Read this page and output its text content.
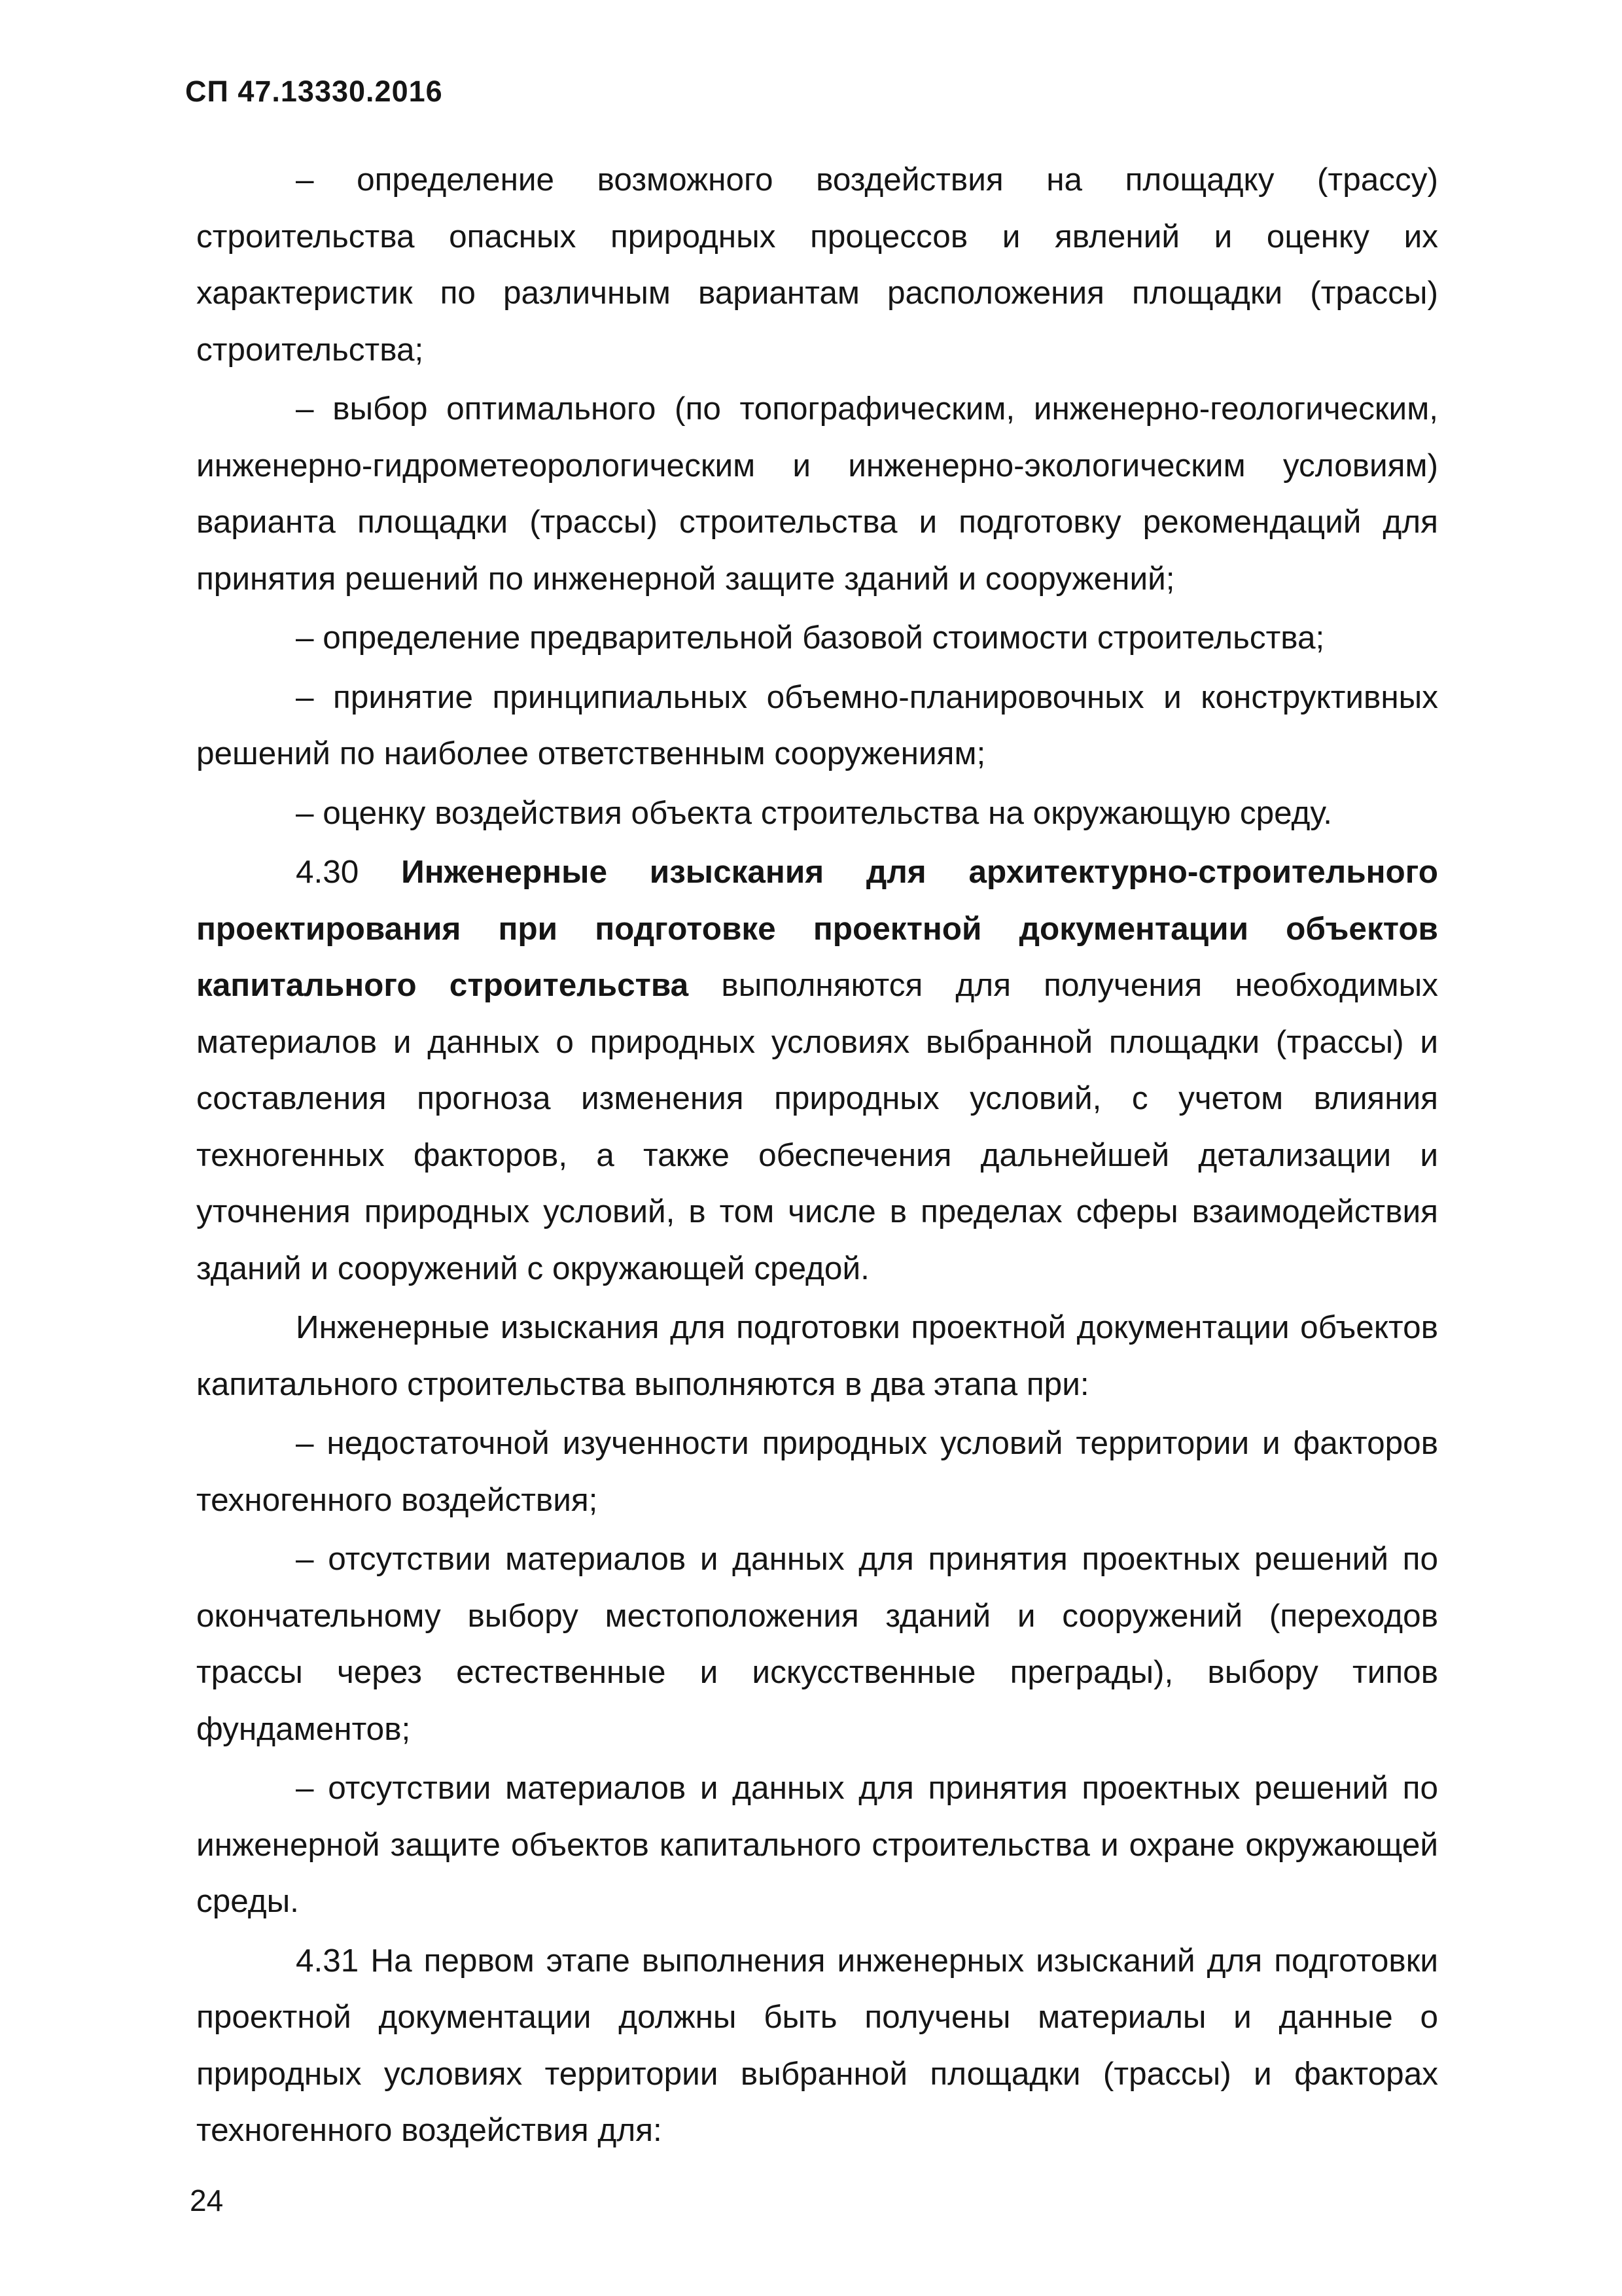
СП 47.13330.2016

– определение возможного воздействия на площадку (трассу) строительства опасных природных процессов и явлений и оценку их характеристик по различным вариантам расположения площадки (трассы) строительства;

– выбор оптимального (по топографическим, инженерно-геологическим, инженерно-гидрометеорологическим и инженерно-экологическим условиям) варианта площадки (трассы) строительства и подготовку рекомендаций для принятия решений по инженерной защите зданий и сооружений;

– определение предварительной базовой стоимости строительства;

– принятие принципиальных объемно-планировочных и конструктивных решений по наиболее ответственным сооружениям;

– оценку воздействия объекта строительства на окружающую среду.

4.30 Инженерные изыскания для архитектурно-строительного проектирования при подготовке проектной документации объектов капитального строительства выполняются для получения необходимых материалов и данных о природных условиях выбранной площадки (трассы) и составления прогноза изменения природных условий, с учетом влияния техногенных факторов, а также обеспечения дальнейшей детализации и уточнения природных условий, в том числе в пределах сферы взаимодействия зданий и сооружений с окружающей средой.

Инженерные изыскания для подготовки проектной документации объектов капитального строительства выполняются в два этапа при:

– недостаточной изученности природных условий территории и факторов техногенного воздействия;

– отсутствии материалов и данных для принятия проектных решений по окончательному выбору местоположения зданий и сооружений (переходов трассы через естественные и искусственные преграды), выбору типов фундаментов;

– отсутствии материалов и данных для принятия проектных решений по инженерной защите объектов капитального строительства и охране окружающей среды.

4.31 На первом этапе выполнения инженерных изысканий для подготовки проектной документации должны быть получены материалы и данные о природных условиях территории выбранной площадки (трассы) и факторах техногенного воздействия для:

24
